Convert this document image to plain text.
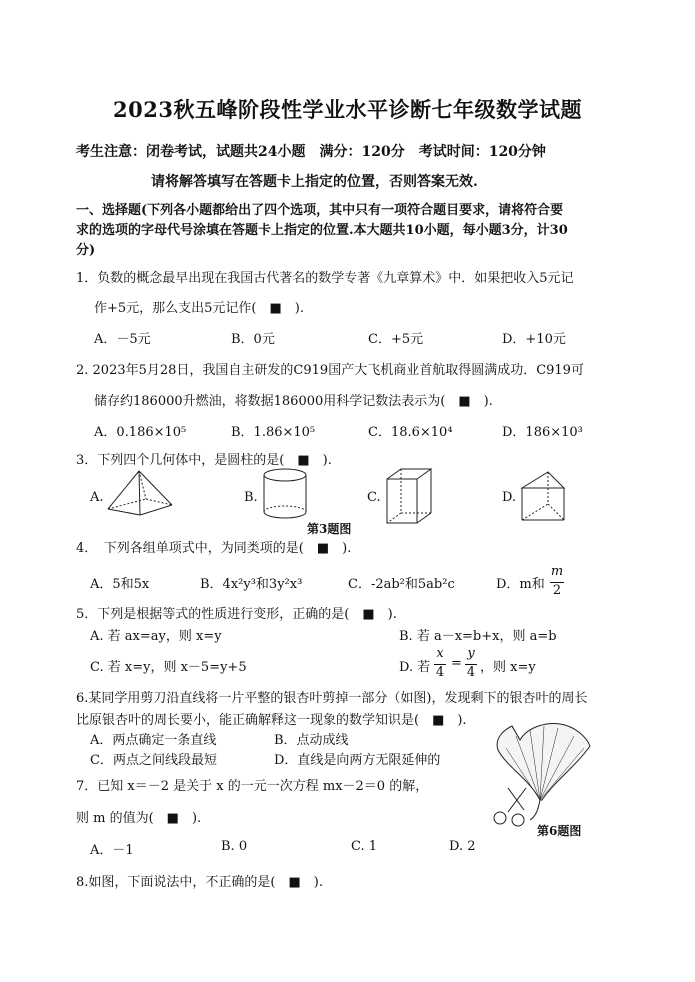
2023秋五峰阶段性学业水平诊断七年级数学试题
考生注意：闭卷考试，试题共24小题　满分：120分　考试时间：120分钟
请将解答填写在答题卡上指定的位置，否则答案无效.
一、选择题(下列各小题都给出了四个选项，其中只有一项符合题目要求，请将符合要
求的选项的字母代号涂填在答题卡上指定的位置.本大题共10小题，每小题3分，计30
分)
1．负数的概念最早出现在我国古代著名的数学专著《九章算术》中．如果把收入5元记
作+5元，那么支出5元记作(　■　).
A．－5元	B．0元	C．+5元	D．+10元
2. 2023年5月28日，我国自主研发的C919国产大飞机商业首航取得圆满成功．C919可
储存约186000升燃油，将数据186000用科学记数法表示为(　■　).
A．0.186×10⁵	B．1.86×10⁵	C．18.6×10⁴	D．186×10³
3．下列四个几何体中，是圆柱的是(　■　).
A.	B.	C.	D.
第3题图
4．　下列各组单项式中，为同类项的是(　■　).
A．5和5x	B．4x²y³和3y²x³	C．-2ab²和5ab²c	D．m和
m
2
5．下列是根据等式的性质进行变形，正确的是(　■　).
A. 若 ax=ay，则 x=y	B. 若 a－x=b+x，则 a=b
C. 若 x=y，则 x－5=y+5	D. 若
x
4
=
y
4 ，则 x=y
6.某同学用剪刀沿直线将一片平整的银杏叶剪掉一部分（如图)，发现剩下的银杏叶的周长
比原银杏叶的周长要小，能正确解释这一现象的数学知识是(　■　).
A．两点确定一条直线	B．点动成线
C．两点之间线段最短	D．直线是向两方无限延伸的
7．已知 x＝－2 是关于 x 的一元一次方程 mx－2＝0 的解，
则 m 的值为(　■　).
第6题图
A．－1	B. 0	C. 1	D. 2
8.如图，下面说法中，不正确的是(　■　).
